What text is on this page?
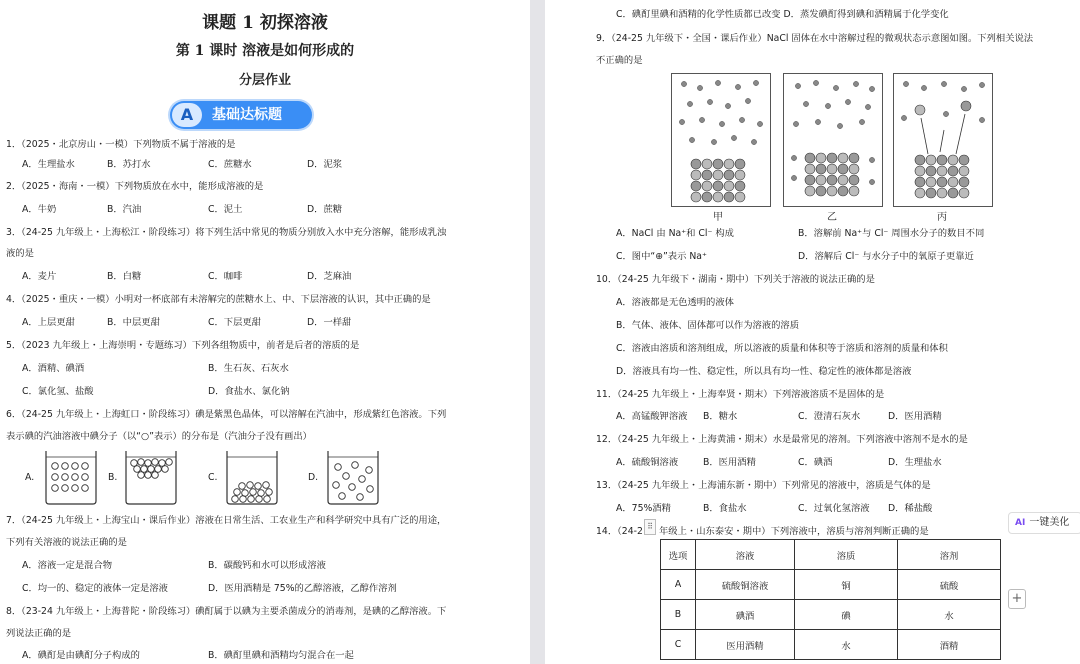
课题 1 初探溶液
第 1 课时 溶液是如何形成的
分层作业
A	基础达标题
1．（2025・北京房山・一模）下列物质不属于溶液的是
A．生理盐水	B．苏打水	C．蔗糖水	D．泥浆
2．（2025・海南・一模）下列物质放在水中，能形成溶液的是
A．牛奶	B．汽油	C．泥土	D．蔗糖
3．（24-25 九年级上・上海松江・阶段练习）将下列生活中常见的物质分别放入水中充分溶解，能形成乳浊
液的是
A．麦片	B．白糖	C．咖啡	D．芝麻油
4．（2025・重庆・一模）小明对一杯底部有未溶解完的蔗糖水上、中、下层溶液的认识，其中正确的是
A．上层更甜	B．中层更甜	C．下层更甜	D．一样甜
5．（2023 九年级上・上海崇明・专题练习）下列各组物质中，前者是后者的溶质的是
A．酒精、碘酒	B．生石灰、石灰水
C．氯化氢、盐酸	D．食盐水、氯化钠
6．（24-25 九年级上・上海虹口・阶段练习）碘是紫黑色晶体，可以溶解在汽油中，形成紫红色溶液。下列
表示碘的汽油溶液中碘分子（以“○”表示）的分布是（汽油分子没有画出）
A.	B.	C.	D.
7．（24-25 九年级上・上海宝山・课后作业）溶液在日常生活、工农业生产和科学研究中具有广泛的用途，
下列有关溶液的说法正确的是
A．溶液一定是混合物	B．碳酸钙和水可以形成溶液
C．均一的、稳定的液体一定是溶液	D．医用酒精是 75%的乙醇溶液，乙醇作溶剂
8．（23-24 九年级上・上海普陀・阶段练习）碘酊属于以碘为主要杀菌成分的消毒剂，是碘的乙醇溶液。下
列说法正确的是
A．碘酊是由碘酊分子构成的	B．碘酊里碘和酒精均匀混合在一起
C．碘酊里碘和酒精的化学性质都已改变 D．蒸发碘酊得到碘和酒精属于化学变化
9．（24-25 九年级下・全国・课后作业）NaCl 固体在水中溶解过程的微观状态示意图如图。下列相关说法
不正确的是
A．NaCl 由 Na⁺和 Cl⁻ 构成	B．溶解前 Na⁺与 Cl⁻ 周围水分子的数目不同
C．图中“⊕”表示 Na⁺	D．溶解后 Cl⁻ 与水分子中的氧原子更靠近
10．（24-25 九年级下・湖南・期中）下列关于溶液的说法正确的是
A．溶液都是无色透明的液体
B．气体、液体、固体都可以作为溶液的溶质
C．溶液由溶质和溶剂组成，所以溶液的质量和体积等于溶质和溶剂的质量和体积
D．溶液具有均一性、稳定性，所以具有均一性、稳定性的液体都是溶液
11．（24-25 九年级上・上海奉贤・期末）下列溶液溶质不是固体的是
A．高锰酸钾溶液 B．糖水	C．澄清石灰水	D．医用酒精
12．（24-25 九年级上・上海黄浦・期末）水是最常见的溶剂。下列溶液中溶剂不是水的是
A．硫酸铜溶液	B．医用酒精	C．碘酒	D．生理盐水
13．（24-25 九年级上・上海浦东新・期中）下列常见的溶液中，溶质是气体的是
A．75%酒精	B．食盐水	C．过氧化氢溶液 D．稀盐酸
14．（24-2 年级上・山东泰安・期中）下列溶液中，溶质与溶剂判断正确的是
甲	乙	丙
选项	溶液	溶质	溶剂
A	硫酸铜溶液	铜	硫酸
B	碘酒	碘	水
C	医用酒精	水	酒精
⠿	AI 一键美化
+
